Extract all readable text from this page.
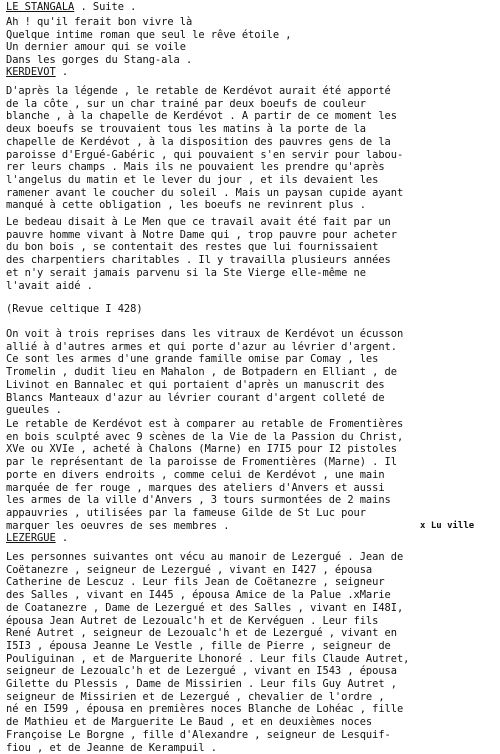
LE STANGALA . Suite .
Ah ! qu'il ferait bon vivre là
Quelque intime roman que seul le rêve étoile ,
Un dernier amour qui se voile
Dans les gorges du Stang-ala .
KERDEVOT .
D'après la légende , le retable de Kerdévot aurait été apporté
de la côte , sur un char trainé par deux boeufs de couleur
blanche , à la chapelle de Kerdévot . A partir de ce moment les
deux boeufs se trouvaient tous les matins à la porte de la
chapelle de Kerdévot , à la disposition des pauvres gens de la
paroisse d'Ergué-Gabéric , qui pouvaient s'en servir pour labou-
rer leurs champs . Mais ils ne pouvaient les prendre qu'après
l'angelus du matin et le lever du jour , et ils devaient les
ramener avant le coucher du soleil . Mais un paysan cupide ayant
manqué à cette obligation , les boeufs ne revinrent plus .
Le bedeau disait à Le Men que ce travail avait été fait par un
pauvre homme vivant à Notre Dame qui , trop pauvre pour acheter
du bon bois , se contentait des restes que lui fournissaient
des charpentiers charitables . Il y travailla plusieurs années
et n'y serait jamais parvenu si la Ste Vierge elle-même ne
l'avait aidé .
(Revue celtique I 428)
On voit à trois reprises dans les vitraux de Kerdévot un écusson
allié à d'autres armes et qui porte d'azur au lévrier d'argent.
Ce sont les armes d'une grande famille omise par Comay , les
Tromelin , dudit lieu en Mahalon , de Botpadern en Elliant , de
Livinot en Bannalec et qui portaient d'après un manuscrit des
Blancs Manteaux d'azur au lévrier courant d'argent colleté de
gueules .
Le retable de Kerdévot est à comparer au retable de Fromentières
en bois sculpté avec 9 scènes de la Vie de la Passion du Christ,
XVe ou XVIe , acheté à Chalons (Marne) en I7I5 pour I2 pistoles
par le représentant de la paroisse de Fromentières (Marne) . Il
porte en divers endroits , comme celui de Kerdévot , une main
marquée de fer rouge , marques des ateliers d'Anvers et aussi
les armes de la ville d'Anvers , 3 tours surmontées de 2 mains
appauvries , utilisées par la fameuse Gilde de St Luc pour
marquer les oeuvres de ses membres .	x Lu ville
LEZERGUE .
Les personnes suivantes ont vécu au manoir de Lezergué . Jean de
Coëtanezre , seigneur de Lezergué , vivant en I427 , épousa
Catherine de Lescuz . Leur fils Jean de Coëtanezre , seigneur
des Salles , vivant en I445 , épousa Amice de la Palue .xMarie
de Coatanezre , Dame de Lezergué et des Salles , vivant en I48I,
épousa Jean Autret de Lezoualc'h et de Kervéguen . Leur fils
René Autret , seigneur de Lezoualc'h et de Lezergué , vivant en
I5I3 , épousa Jeanne Le Vestle , fille de Pierre , seigneur de
Pouliguinan , et de Marguerite Lhonoré . Leur fils Claude Autret,
seigneur de Lezoualc'h et de Lezergué , vivant en I543 , épousa
Gilette du Plessis , Dame de Missirien . Leur fils Guy Autret ,
seigneur de Missirien et de Lezergué , chevalier de l'ordre ,
né en I599 , épousa en premières noces Blanche de Lohéac , fille
de Mathieu et de Marguerite Le Baud , et en deuxièmes noces
Françoise Le Borgne , fille d'Alexandre , seigneur de Lesquif-
fiou , et de Jeanne de Kerampuil .
